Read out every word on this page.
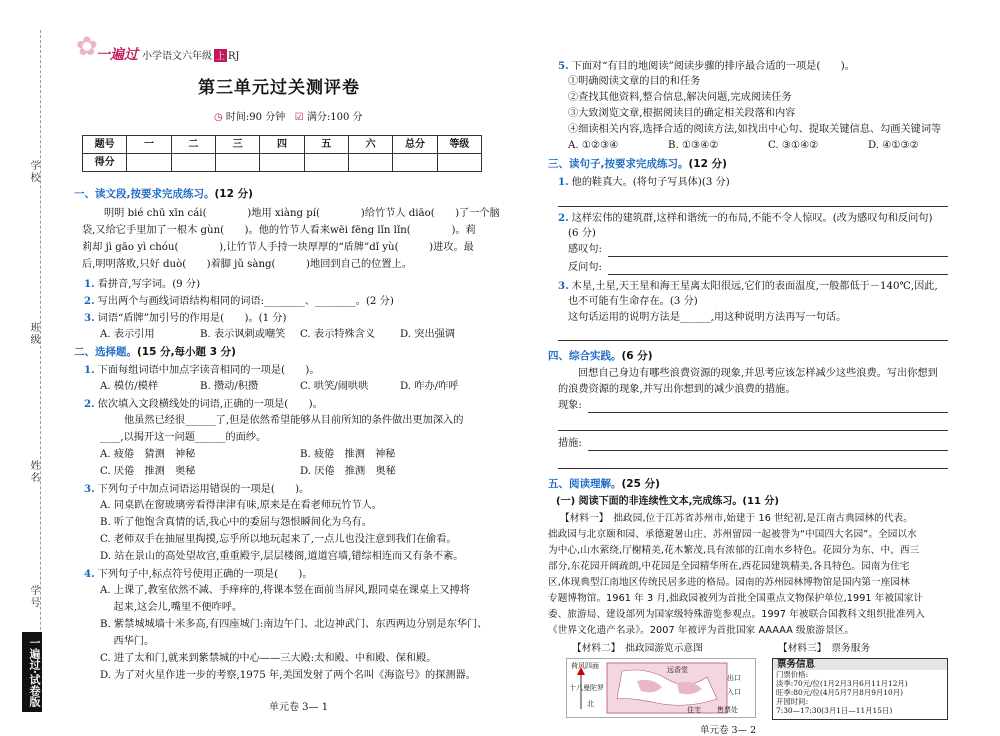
学校
班级
姓名
学号
一遍过·试卷版
✿
一遍过 小学语文六年级 上 RJ
第三单元过关测评卷
◷ 时间:90 分钟 ☑ 满分:100 分
题号	一	二	三	四	五	六	总分	等级
得分								
一、读文段,按要求完成练习。(12 分)
明明 bié chū xīn cái(　　　　)地用 xiàng pí(　　　　)给竹节人 diāo(　　)了一个脑
袋,又给它手里加了一根木 gùn(　　)。他的竹节人看来wēi fēng lǐn lǐn(　　　　)。莉
莉却 jì gāo yì chóu(　　　　),让竹节人手持一块厚厚的“盾牌”dǐ yù(　　　)进攻。最
后,明明落败,只好 duò(　　)着脚 jǔ sàng(　　　)地回到自己的位置上。
1. 看拼音,写字词。(9 分)
2. 写出两个与画线词语结构相同的词语:________、________。(2 分)
3. 词语“盾牌”加引号的作用是(　　)。(1 分)
A. 表示引用	B. 表示讽刺或嘲笑 C. 表示特殊含义 D. 突出强调
二、选择题。(15 分,每小题 3 分)
1. 下面每组词语中加点字读音相同的一项是(　　)。
A. 模仿/模样	B. 攒动/积攒	C. 哄笑/闹哄哄	D. 咋办/咋呼
2. 依次填入文段横线处的词语,正确的一项是(　　)。
他虽然已经很______了,但是依然希望能够从目前所知的条件做出更加深入的
____,以揭开这一问题______的面纱。
A. 疲倦　猜测　神秘	B. 疲倦　推测　神秘
C. 厌倦　推测　奥秘	D. 厌倦　推测　奥秘
3. 下列句子中加点词语运用错误的一项是(　　)。
A. 同桌趴在窗玻璃旁看得津津有味,原来是在看老师玩竹节人。
B. 听了他饱含真情的话,我心中的委屈与怨恨瞬间化为乌有。
C. 老师双手在抽屉里掏摸,忘乎所以地玩起来了,一点儿也没注意到我们在偷看。
D. 站在景山的高处望故宫,重重殿宇,层层楼阁,道道宫墙,错综相连而又有条不紊。
4. 下列句子中,标点符号使用正确的一项是(　　)。
A. 上课了,教室依然不减、手痒痒的,将课本竖在面前当屏风,跟同桌在课桌上又搏将
　 起来,这会儿,嘴里不便咋呼。
B. 紫禁城城墙十米多高,有四座城门:南边午门、北边神武门、东西两边分别是东华门、
　 西华门。
C. 进了太和门,就来到紫禁城的中心——三大殿:太和殿、中和殿、保和殿。
D. 为了对火星作进一步的考察,1975 年,美国发射了两个名叫《海盗号》的探测器。
单元卷 3— 1
5. 下面对“有目的地阅读”阅读步骤的排序最合适的一项是(　　)。
①明确阅读文章的目的和任务
②查找其他资料,整合信息,解决问题,完成阅读任务
③大致浏览文章,根据阅读目的确定相关段落和内容
④细读相关内容,选择合适的阅读方法,如找出中心句、提取关键信息、勾画关键词等
A. ①②③④	B. ①③④②	C. ③①④②	D. ④①③②
三、读句子,按要求完成练习。(12 分)
1. 他的鞋真大。(将句子写具体)(3 分)
2. 这样宏伟的建筑群,这样和谐统一的布局,不能不令人惊叹。(改为感叹句和反问句)
(6 分)
感叹句:
反问句:
3. 木星,土星,天王星和海王星离太阳很远,它们的表面温度,一般都低于－140℃,因此,
也不可能有生命存在。(3 分)
这句话运用的说明方法是______,用这种说明方法再写一句话。
四、综合实践。(6 分)
回想自己身边有哪些浪费资源的现象,并思考应该怎样减少这些浪费。写出你想到
的浪费资源的现象,并写出你想到的减少浪费的措施。
现象:
措施:
五、阅读理解。(25 分)
(一) 阅读下面的非连续性文本,完成练习。(11 分)
【材料一】　拙政园,位于江苏省苏州市,始建于 16 世纪初,是江南古典园林的代表。
拙政园与北京颐和园、承德避暑山庄、苏州留园一起被誉为“中国四大名园”。全园以水
为中心,山水萦绕,厅榭精美,花木繁茂,具有浓郁的江南水乡特色。花园分为东、中、西三
部分,东花园开阔疏朗,中花园是全园精华所在,西花园建筑精美,各具特色。园南为住宅
区,体现典型江南地区传统民居多进的格局。园南的苏州园林博物馆是国内第一座园林
专题博物馆。1961 年 3 月,拙政园被列为首批全国重点文物保护单位,1991 年被国家计
委、旅游局、建设部列为国家级特殊游览参观点。1997 年被联合国教科文组织批准列入
《世界文化遗产名录》。2007 年被评为首批国家 AAAAA 级旅游景区。
【材料二】　拙政园游览示意图	【材料三】　票务服务
北
荷风四面	远香堂
十八曼陀罗
出口
入口
售票处
住宅
票务信息
门票价格:
淡季:70元/位(1月2月3月6月11月12月)
旺季:80元/位(4月5月7月8月9月10月)
开园时间:
7:30—17:30(3月1日—11月15日)
单元卷 3— 2
